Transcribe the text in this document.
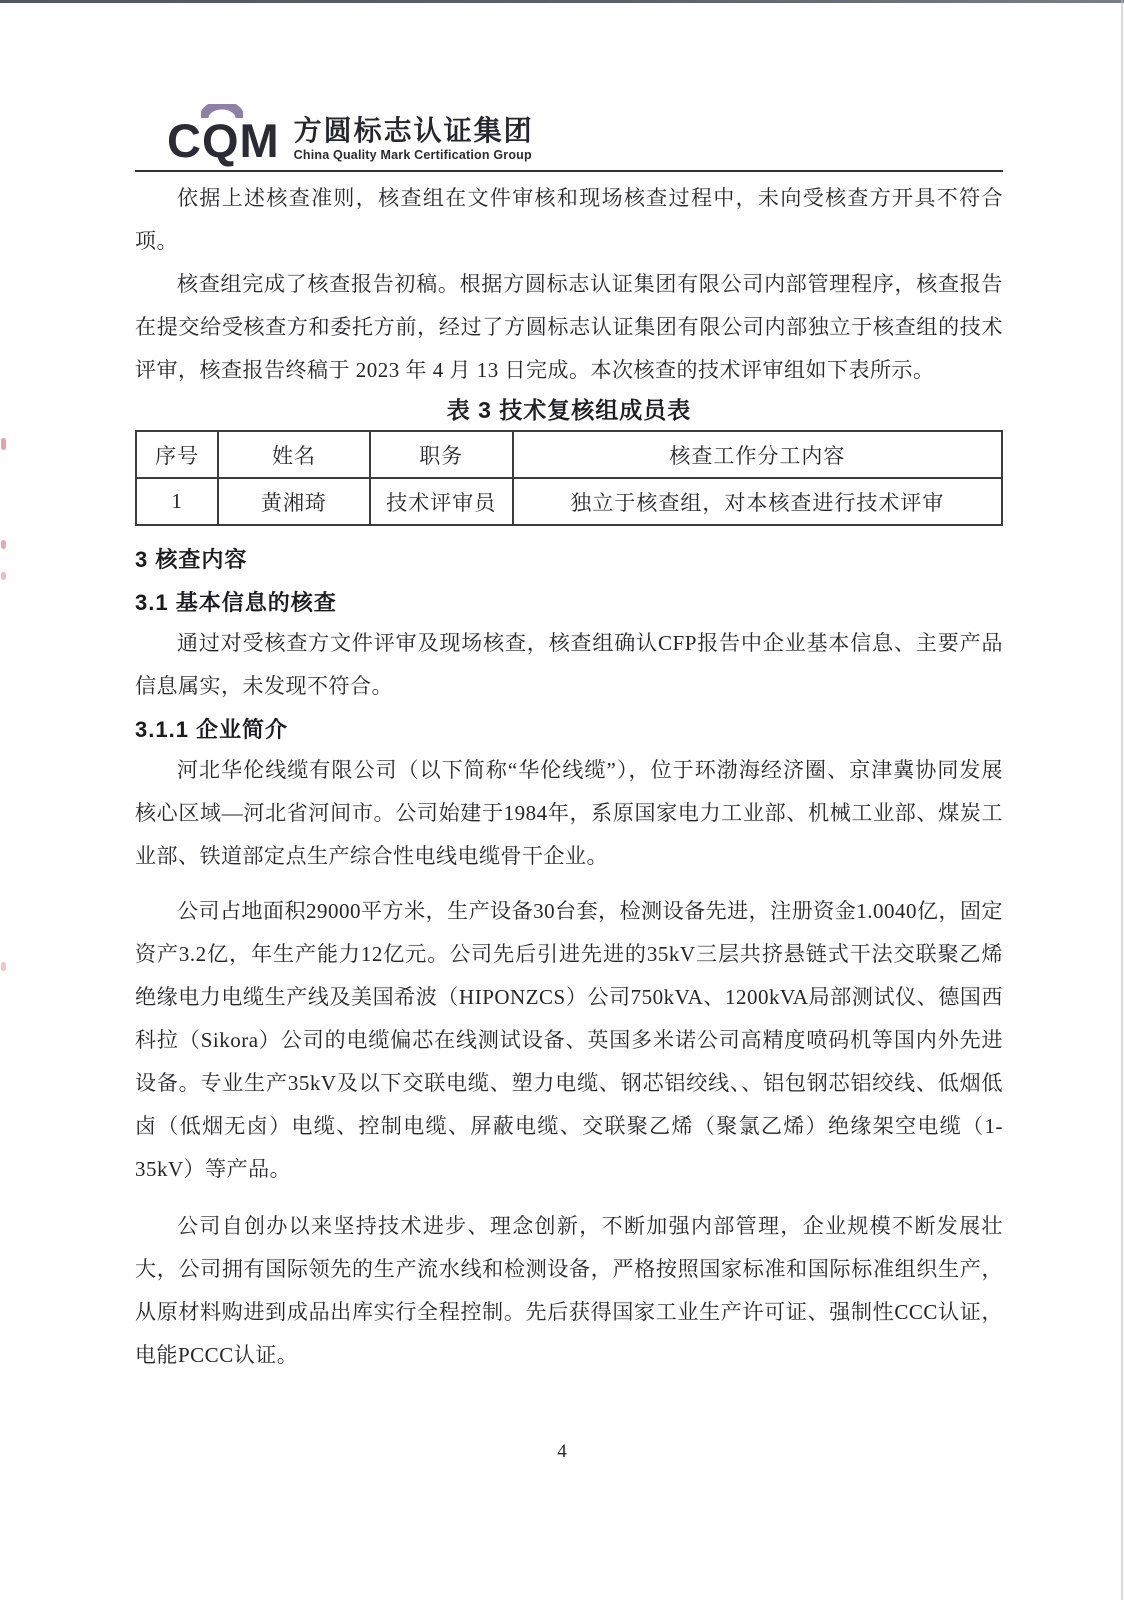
CQM 方圆标志认证集团
China Quality Mark Certification Group

依据上述核查准则，核查组在文件审核和现场核查过程中，未向受核查方开具不符合项。

核查组完成了核查报告初稿。根据方圆标志认证集团有限公司内部管理程序，核查报告在提交给受核查方和委托方前，经过了方圆标志认证集团有限公司内部独立于核查组的技术评审，核查报告终稿于 2023 年 4 月 13 日完成。本次核查的技术评审组如下表所示。

表 3 技术复核组成员表

序号	姓名	职务	核查工作分工内容
1	黄湘琦	技术评审员	独立于核查组，对本核查进行技术评审
3 核查内容
3.1 基本信息的核查

通过对受核查方文件评审及现场核查，核查组确认CFP报告中企业基本信息、主要产品信息属实，未发现不符合。

3.1.1 企业简介

河北华伦线缆有限公司（以下简称“华伦线缆”），位于环渤海经济圈、京津冀协同发展核心区域—河北省河间市。公司始建于1984年，系原国家电力工业部、机械工业部、煤炭工业部、铁道部定点生产综合性电线电缆骨干企业。

公司占地面积29000平方米，生产设备30台套，检测设备先进，注册资金1.0040亿，固定资产3.2亿，年生产能力12亿元。公司先后引进先进的35kV三层共挤悬链式干法交联聚乙烯绝缘电力电缆生产线及美国希波（HIPONZCS）公司750kVA、1200kVA局部测试仪、德国西科拉（Sikora）公司的电缆偏芯在线测试设备、英国多米诺公司高精度喷码机等国内外先进设备。专业生产35kV及以下交联电缆、塑力电缆、钢芯铝绞线、、铝包钢芯铝绞线、低烟低卤（低烟无卤）电缆、控制电缆、屏蔽电缆、交联聚乙烯（聚氯乙烯）绝缘架空电缆（1-35kV）等产品。

公司自创办以来坚持技术进步、理念创新，不断加强内部管理，企业规模不断发展壮大，公司拥有国际领先的生产流水线和检测设备，严格按照国家标准和国际标准组织生产，从原材料购进到成品出库实行全程控制。先后获得国家工业生产许可证、强制性CCC认证，电能PCCC认证。

4
